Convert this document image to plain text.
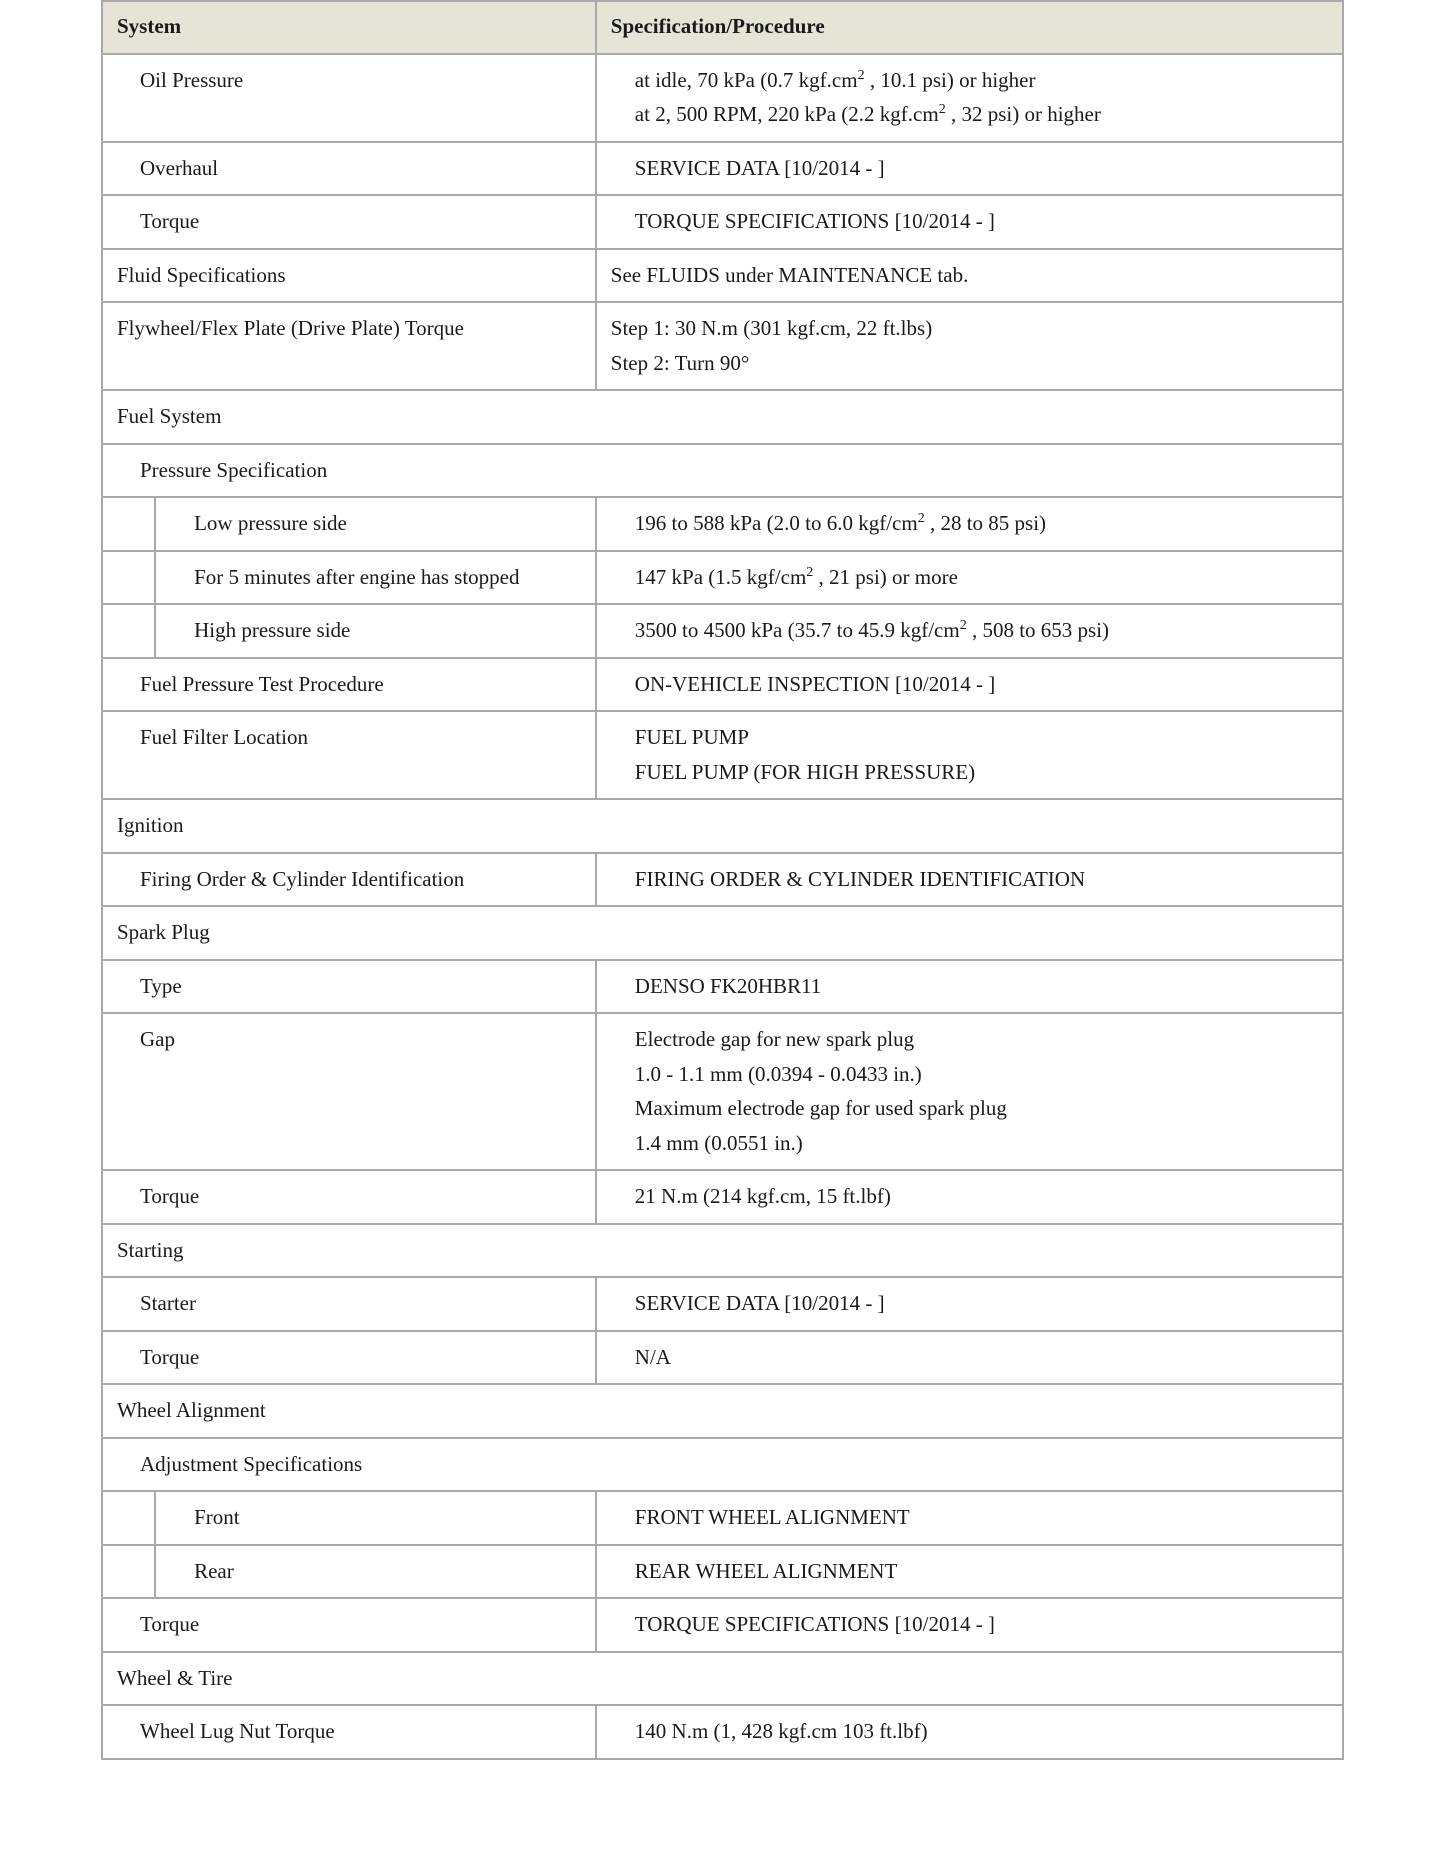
System		Specification/Procedure
Oil Pressure		at idle, 70 kPa (0.7 $kgf.cm^2$ , 10.1 psi) or higher
at 2, 500 RPM, 220 kPa (2.2 $kgf.cm^2$ , 32 psi) or higher

Overhaul		SERVICE DATA [10/2014 - ]

Torque		TORQUE SPECIFICATIONS [10/2014 - ]

Fluid Specifications		See FLUIDS under MAINTENANCE tab.

Flywheel/Flex Plate (Drive Plate) Torque		Step 1: 30 N.m (301 kgf.cm, 22 ft.lbs)
Step 2: Turn 90°

Fuel System		
Pressure Specification		
	Low pressure side	196 to 588 kPa (2.0 to 6.0 kgf/$cm^2$ , 28 to 85 psi)

	For 5 minutes after engine has stopped	147 kPa (1.5 kgf/$cm^2$ , 21 psi) or more

	High pressure side	3500 to 4500 kPa (35.7 to 45.9 kgf/$cm^2$ , 508 to 653 psi)

Fuel Pressure Test Procedure		ON-VEHICLE INSPECTION [10/2014 - ]

Fuel Filter Location		FUEL PUMP
FUEL PUMP (FOR HIGH PRESSURE)

Ignition		
Firing Order & Cylinder Identification		FIRING ORDER & CYLINDER IDENTIFICATION

Spark Plug		
Type		DENSO FK20HBR11

Gap		Electrode gap for new spark plug
1.0 - 1.1 mm (0.0394 - 0.0433 in.)
Maximum electrode gap for used spark plug
1.4 mm (0.0551 in.)

Torque		21 N.m (214 kgf.cm, 15 ft.lbf)

Starting		
Starter		SERVICE DATA [10/2014 - ]

Torque		N/A

Wheel Alignment		
Adjustment Specifications		
	Front	FRONT WHEEL ALIGNMENT

	Rear	REAR WHEEL ALIGNMENT

Torque		TORQUE SPECIFICATIONS [10/2014 - ]

Wheel & Tire		
Wheel Lug Nut Torque		140 N.m (1, 428 kgf.cm 103 ft.lbf)
